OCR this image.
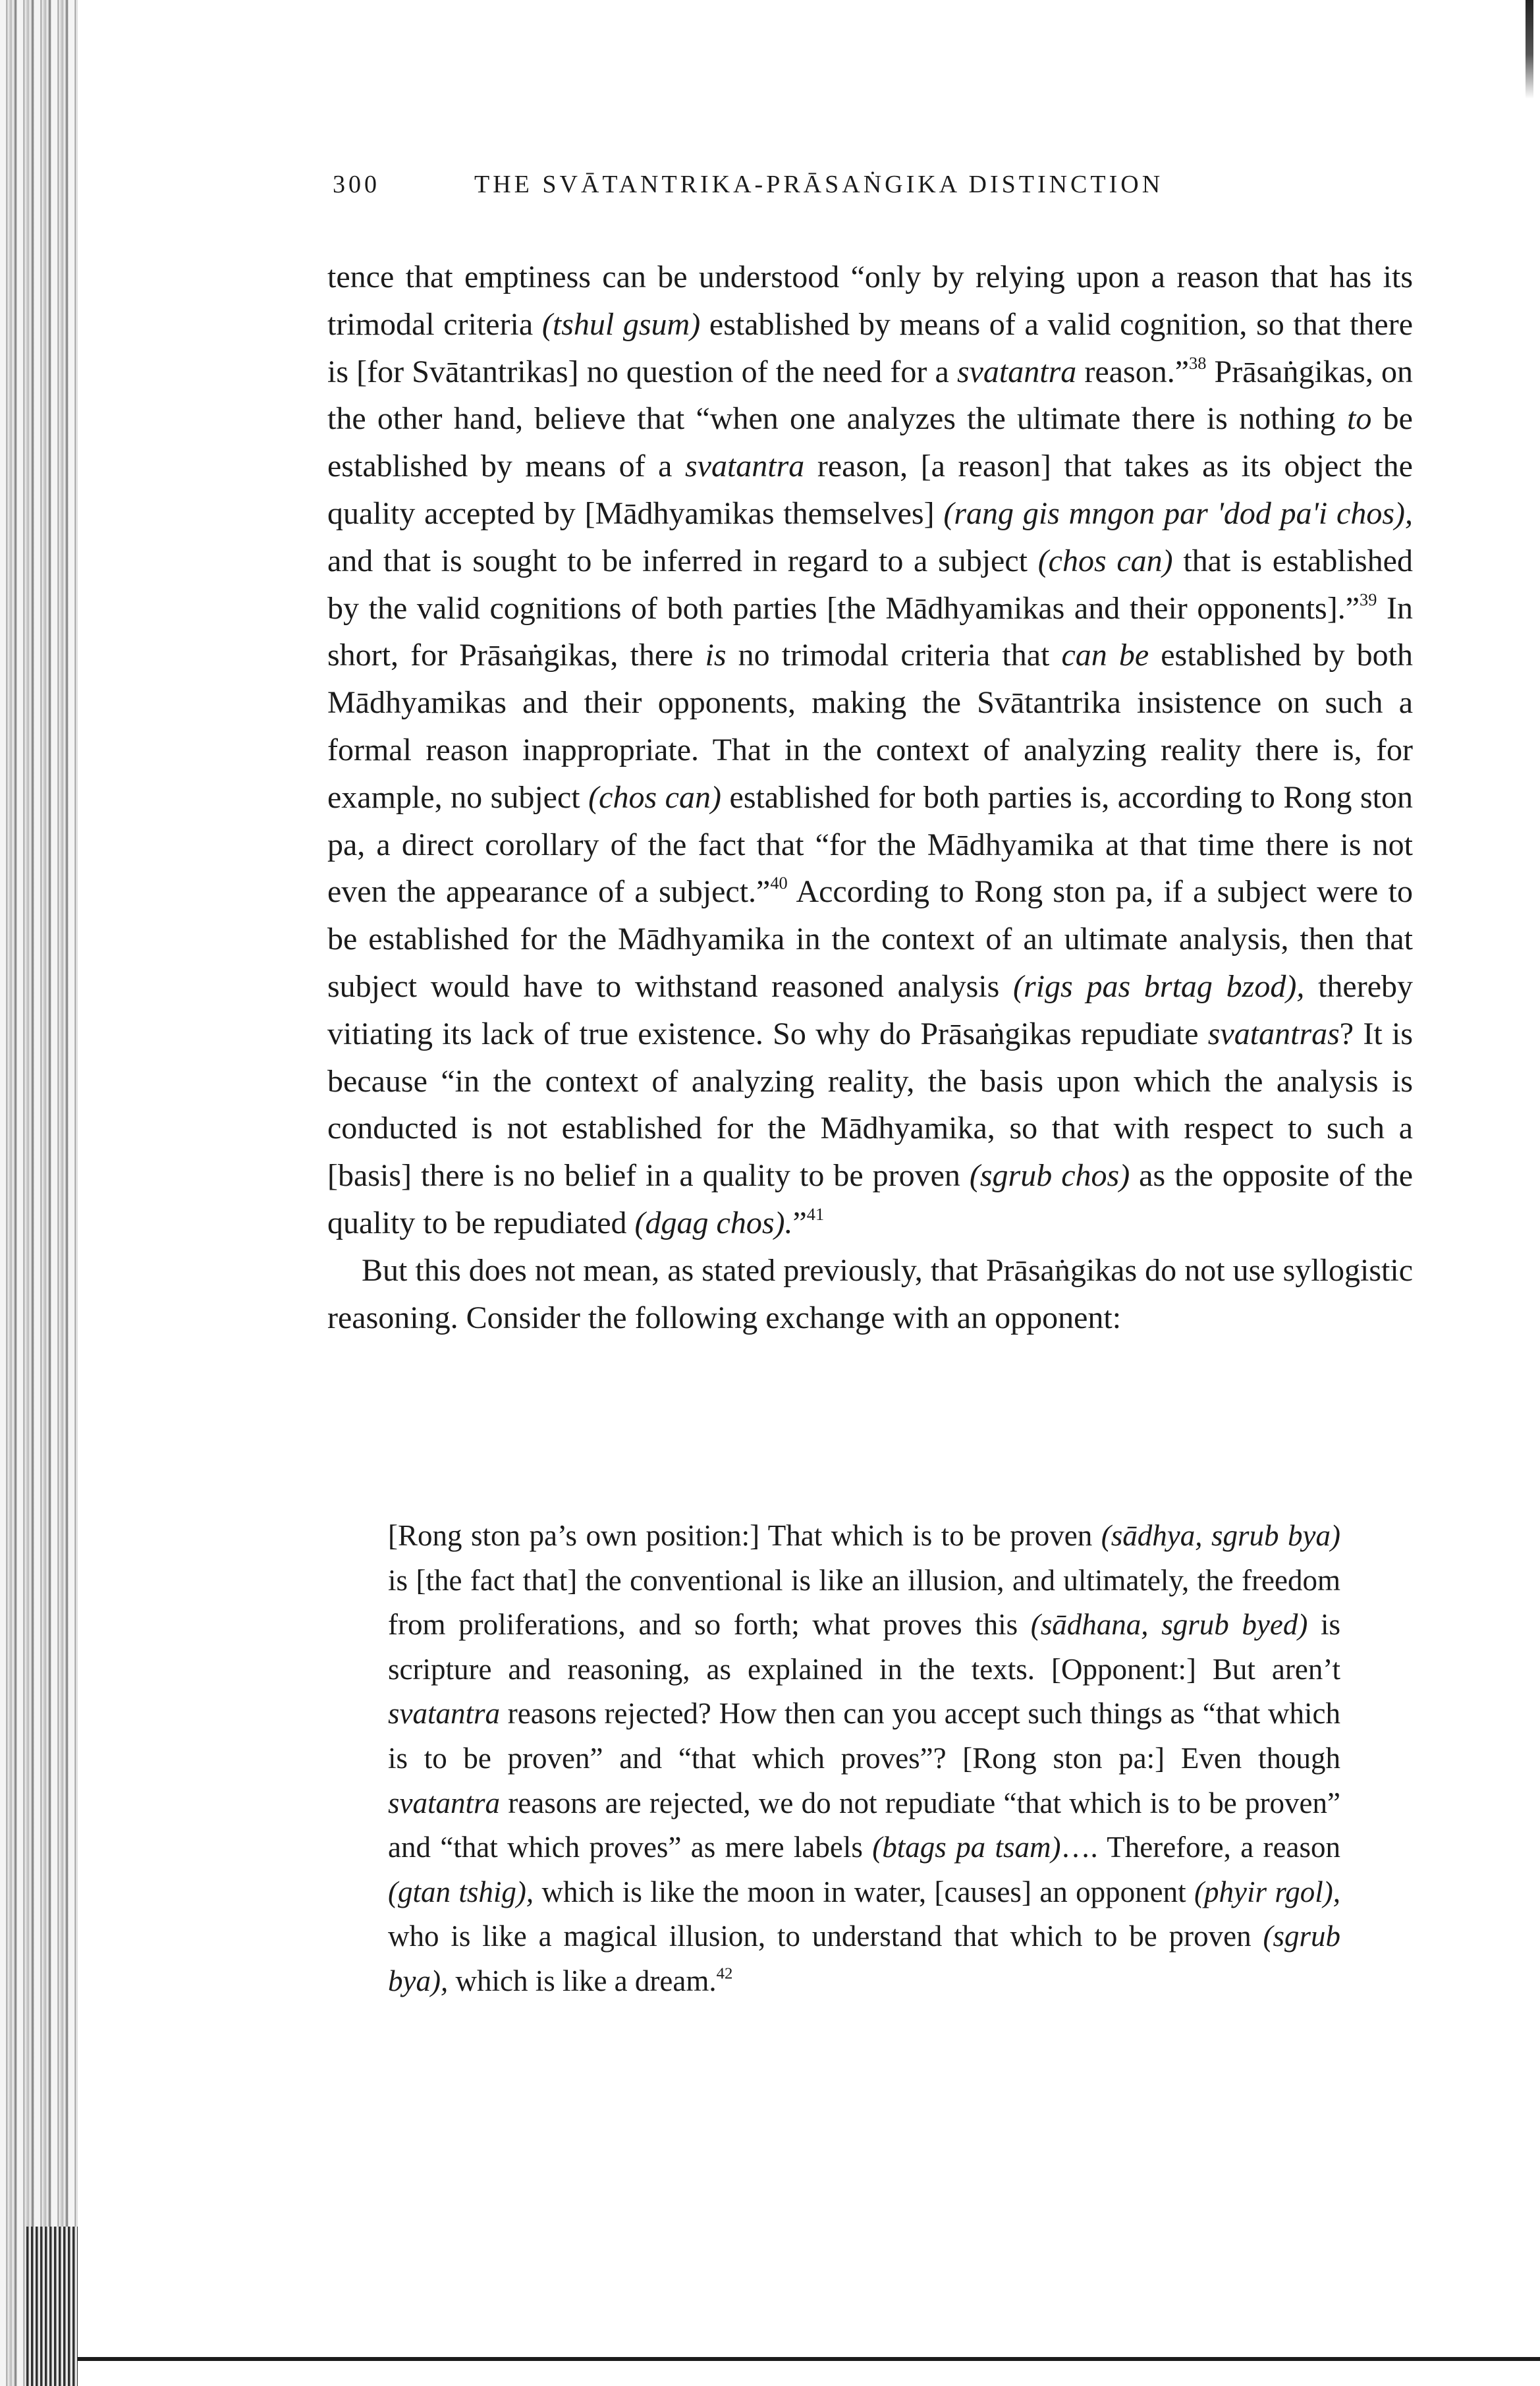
300	THE SVĀTANTRIKA-PRĀSAṄGIKA DISTINCTION

tence that emptiness can be understood “only by relying upon a reason that has its trimodal criteria (tshul gsum) established by means of a valid cognition, so that there is [for Svātantrikas] no question of the need for a svatantra reason.”$^{38}$ Prāsaṅgikas, on the other hand, believe that “when one analyzes the ultimate there is nothing to be established by means of a svatantra reason, [a reason] that takes as its object the quality accepted by [Mādhyamikas themselves] (rang gis mngon par 'dod pa'i chos), and that is sought to be inferred in regard to a subject (chos can) that is established by the valid cognitions of both parties [the Mādhyamikas and their opponents].”$^{39}$ In short, for Prāsaṅgikas, there is no trimodal criteria that can be established by both Mādhyamikas and their opponents, making the Svātantrika insistence on such a formal reason inappropriate. That in the context of analyzing reality there is, for example, no subject (chos can) established for both parties is, according to Rong ston pa, a direct corollary of the fact that “for the Mādhyamika at that time there is not even the appearance of a subject.”$^{40}$ According to Rong ston pa, if a subject were to be established for the Mādhyamika in the context of an ultimate analysis, then that subject would have to withstand reasoned analysis (rigs pas brtag bzod), thereby vitiating its lack of true existence. So why do Prāsaṅgikas repudiate svatantras? It is because “in the context of analyzing reality, the basis upon which the analysis is conducted is not established for the Mādhyamika, so that with respect to such a [basis] there is no belief in a quality to be proven (sgrub chos) as the opposite of the quality to be repudiated (dgag chos).”$^{41}$

But this does not mean, as stated previously, that Prāsaṅgikas do not use syllogistic reasoning. Consider the following exchange with an opponent:

[Rong ston pa’s own position:] That which is to be proven (sādhya, sgrub bya) is [the fact that] the conventional is like an illusion, and ultimately, the freedom from proliferations, and so forth; what proves this (sādhana, sgrub byed) is scripture and reasoning, as explained in the texts. [Opponent:] But aren’t svatantra reasons rejected? How then can you accept such things as “that which is to be proven” and “that which proves”? [Rong ston pa:] Even though svatantra reasons are rejected, we do not repudiate “that which is to be proven” and “that which proves” as mere labels (btags pa tsam)…. Therefore, a reason (gtan tshig), which is like the moon in water, [causes] an opponent (phyir rgol), who is like a magical illusion, to understand that which to be proven (sgrub bya), which is like a dream.$^{42}$
